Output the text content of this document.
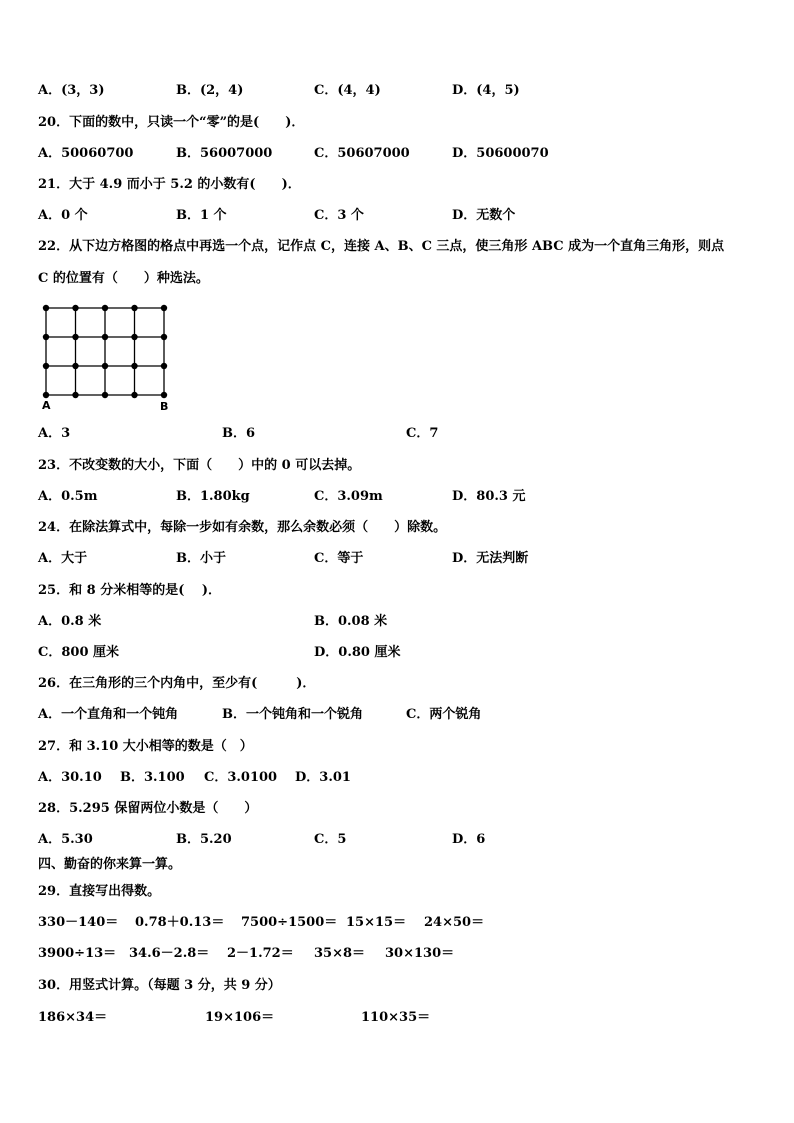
A．(3，3)	B．(2，4)	C．(4，4)	D．(4，5)
20．下面的数中，只读一个“零”的是(　　)．
A．50060700	B．56007000	C．50607000	D．50600070
21．大于 4.9 而小于 5.2 的小数有(　　)．
A．0 个	B．1 个	C．3 个	D．无数个
22．从下边方格图的格点中再选一个点，记作点 C，连接 A、B、C 三点，使三角形 ABC 成为一个直角三角形，则点
C 的位置有（　　）种选法。
A	B
A．3	B．6	C．7
23．不改变数的大小，下面（　　）中的 0 可以去掉。
A．0.5m	B．1.80kg	C．3.09m	D．80.3 元
24．在除法算式中，每除一步如有余数，那么余数必须（　　）除数。
A．大于	B．小于	C．等于	D．无法判断
25．和 8 分米相等的是(　 )．
A．0.8 米	B．0.08 米
C．800 厘米	D．0.80 厘米
26．在三角形的三个内角中，至少有(　　　)．
A．一个直角和一个钝角	B．一个钝角和一个锐角	C．两个锐角
27．和 3.10 大小相等的数是（　）
A．30.10 B．3.100 C．3.0100 D．3.01
28．5.295 保留两位小数是（　　）
A．5.30	B．5.20	C．5	D．6
四、勤奋的你来算一算。
29．直接写出得数。
330－140＝ 0.78＋0.13＝ 7500÷1500＝ 15×15＝ 24×50＝
3900÷13＝ 34.6－2.8＝ 2－1.72＝ 35×8＝ 30×130＝
30．用竖式计算。（每题 3 分，共 9 分）
186×34＝	19×106＝	110×35＝
